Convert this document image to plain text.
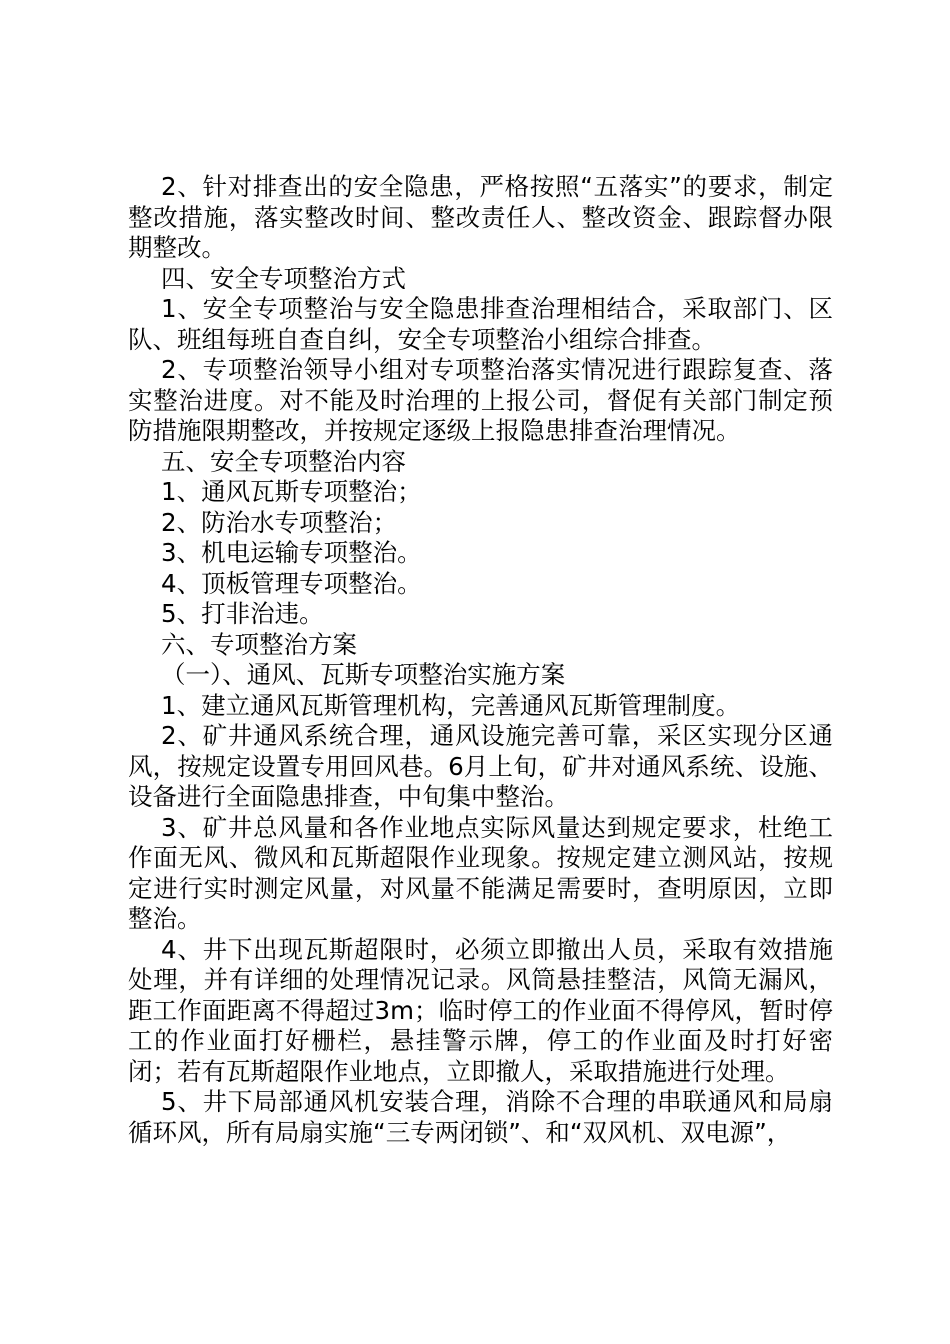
2、针对排查出的安全隐患，严格按照“五落实”的要求，制定整改措施，落实整改时间、整改责任人、整改资金、跟踪督办限期整改。

四、安全专项整治方式

1、安全专项整治与安全隐患排查治理相结合，采取部门、区队、班组每班自查自纠，安全专项整治小组综合排查。

2、专项整治领导小组对专项整治落实情况进行跟踪复查、落实整治进度。对不能及时治理的上报公司，督促有关部门制定预防措施限期整改，并按规定逐级上报隐患排查治理情况。

五、安全专项整治内容

1、通风瓦斯专项整治；

2、防治水专项整治；

3、机电运输专项整治。

4、顶板管理专项整治。

5、打非治违。

六、专项整治方案

（一）、通风、瓦斯专项整治实施方案

1、建立通风瓦斯管理机构，完善通风瓦斯管理制度。

2、矿井通风系统合理，通风设施完善可靠，采区实现分区通风，按规定设置专用回风巷。6月上旬，矿井对通风系统、设施、设备进行全面隐患排查，中旬集中整治。

3、矿井总风量和各作业地点实际风量达到规定要求，杜绝工作面无风、微风和瓦斯超限作业现象。按规定建立测风站，按规定进行实时测定风量，对风量不能满足需要时，查明原因，立即整治。

4、井下出现瓦斯超限时，必须立即撤出人员，采取有效措施处理，并有详细的处理情况记录。风筒悬挂整洁，风筒无漏风，距工作面距离不得超过3m；临时停工的作业面不得停风，暂时停工的作业面打好栅栏，悬挂警示牌，停工的作业面及时打好密闭；若有瓦斯超限作业地点，立即撤人，采取措施进行处理。

5、井下局部通风机安装合理，消除不合理的串联通风和局扇循环风，所有局扇实施“三专两闭锁”、和“双风机、双电源”，
